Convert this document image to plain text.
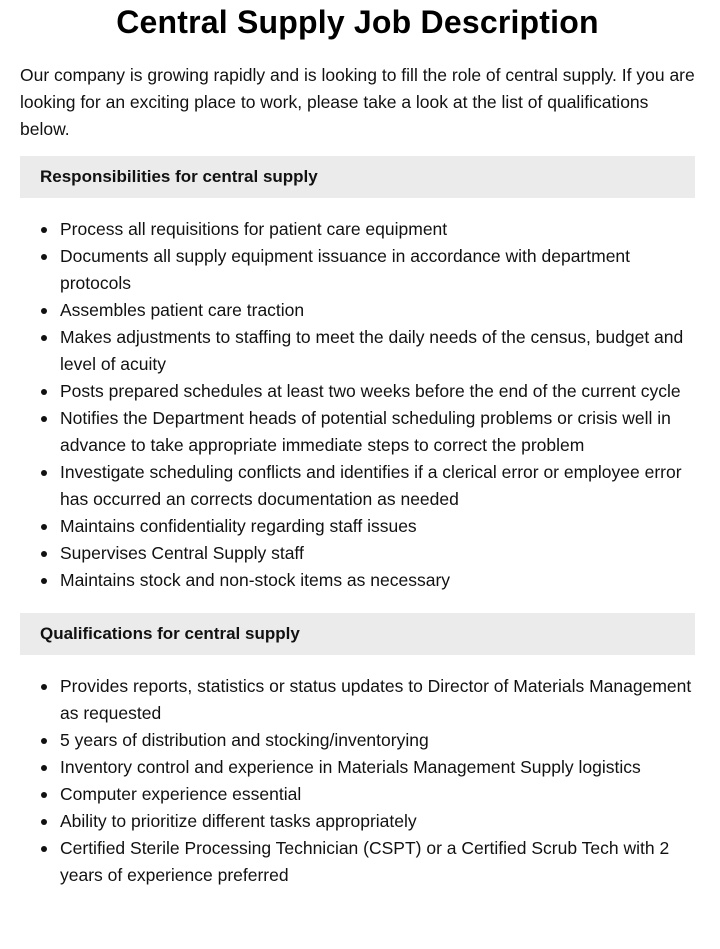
Central Supply Job Description

Our company is growing rapidly and is looking to fill the role of central supply. If you are looking for an exciting place to work, please take a look at the list of qualifications below.

Responsibilities for central supply
Process all requisitions for patient care equipment
Documents all supply equipment issuance in accordance with department protocols
Assembles patient care traction
Makes adjustments to staffing to meet the daily needs of the census, budget and level of acuity
Posts prepared schedules at least two weeks before the end of the current cycle
Notifies the Department heads of potential scheduling problems or crisis well in advance to take appropriate immediate steps to correct the problem
Investigate scheduling conflicts and identifies if a clerical error or employee error has occurred an corrects documentation as needed
Maintains confidentiality regarding staff issues
Supervises Central Supply staff
Maintains stock and non-stock items as necessary
Qualifications for central supply
Provides reports, statistics or status updates to Director of Materials Management as requested
5 years of distribution and stocking/inventorying
Inventory control and experience in Materials Management Supply logistics
Computer experience essential
Ability to prioritize different tasks appropriately
Certified Sterile Processing Technician (CSPT) or a Certified Scrub Tech with 2 years of experience preferred
